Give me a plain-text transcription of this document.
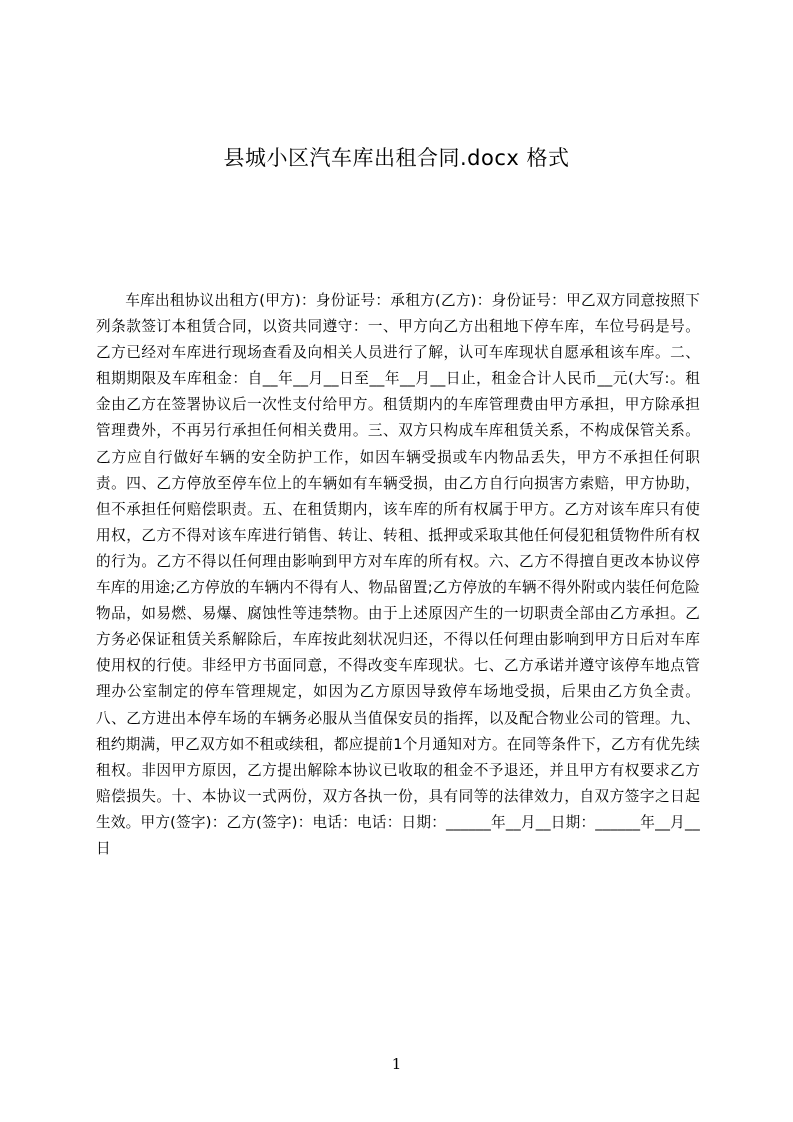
县城小区汽车库出租合同.docx 格式
车库出租协议出租方(甲方)：身份证号：承租方(乙方)：身份证号：甲乙双方同意按照下列条款签订本租赁合同，以资共同遵守：一、甲方向乙方出租地下停车库，车位号码是号。乙方已经对车库进行现场查看及向相关人员进行了解，认可车库现状自愿承租该车库。二、租期期限及车库租金：自__年__月__日至__年__月__日止，租金合计人民币__元(大写:。租金由乙方在签署协议后一次性支付给甲方。租赁期内的车库管理费由甲方承担，甲方除承担管理费外，不再另行承担任何相关费用。三、双方只构成车库租赁关系，不构成保管关系。乙方应自行做好车辆的安全防护工作，如因车辆受损或车内物品丢失，甲方不承担任何职责。四、乙方停放至停车位上的车辆如有车辆受损，由乙方自行向损害方索赔，甲方协助，但不承担任何赔偿职责。五、在租赁期内，该车库的所有权属于甲方。乙方对该车库只有使用权，乙方不得对该车库进行销售、转让、转租、抵押或采取其他任何侵犯租赁物件所有权的行为。乙方不得以任何理由影响到甲方对车库的所有权。六、乙方不得擅自更改本协议停车库的用途;乙方停放的车辆内不得有人、物品留置;乙方停放的车辆不得外附或内装任何危险物品，如易燃、易爆、腐蚀性等违禁物。由于上述原因产生的一切职责全部由乙方承担。乙方务必保证租赁关系解除后，车库按此刻状况归还，不得以任何理由影响到甲方日后对车库使用权的行使。非经甲方书面同意，不得改变车库现状。七、乙方承诺并遵守该停车地点管理办公室制定的停车管理规定，如因为乙方原因导致停车场地受损，后果由乙方负全责。八、乙方进出本停车场的车辆务必服从当值保安员的指挥，以及配合物业公司的管理。九、租约期满，甲乙双方如不租或续租，都应提前1个月通知对方。在同等条件下，乙方有优先续租权。非因甲方原因，乙方提出解除本协议已收取的租金不予退还，并且甲方有权要求乙方赔偿损失。十、本协议一式两份，双方各执一份，具有同等的法律效力，自双方签字之日起生效。甲方(签字)：乙方(签字)：电话：电话：日期：______年__月__日期：______年__月__日
1
